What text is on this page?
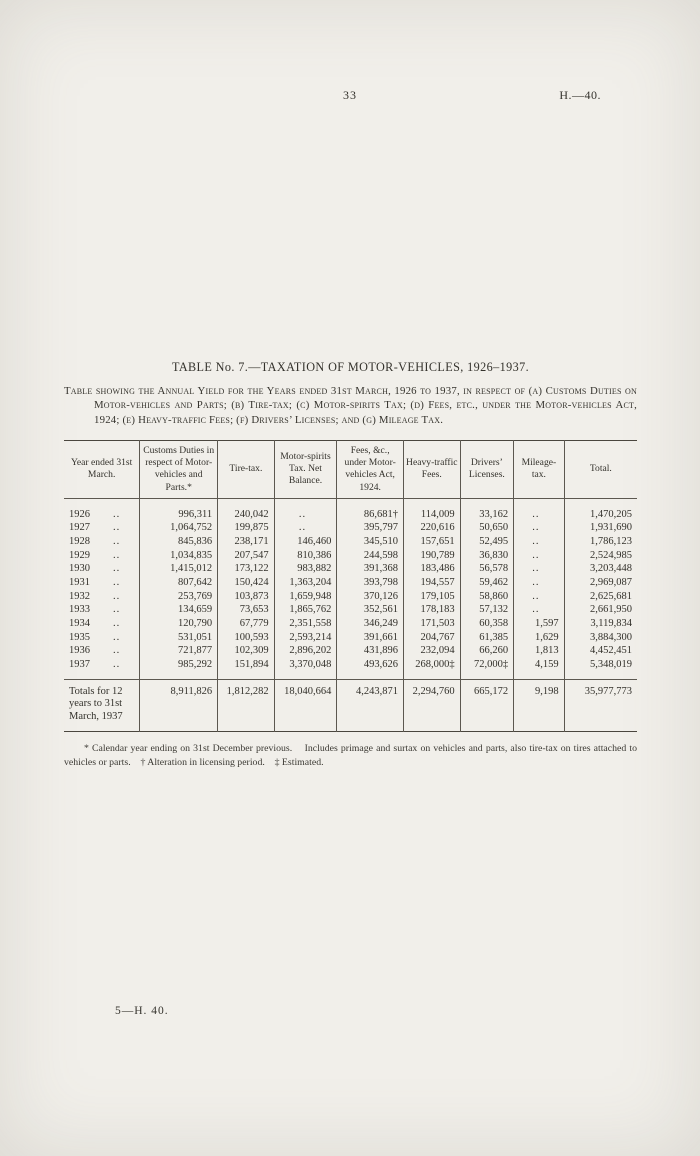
33	H.—40.
TABLE No. 7.—TAXATION OF MOTOR-VEHICLES, 1926–1937.

Table showing the Annual Yield for the Years ended 31st March, 1926 to 1937, in respect of (a) Customs Duties on Motor-vehicles and Parts; (b) Tire-tax; (c) Motor-spirits Tax; (d) Fees, etc., under the Motor-vehicles Act, 1924; (e) Heavy-traffic Fees; (f) Drivers’ Licenses; and (g) Mileage Tax.

Year ended 31st March.	Customs Duties in respect of Motor-vehicles and Parts.*	Tire-tax.	Motor-spirits Tax. Net Balance.	Fees, &c., under Motor-vehicles Act, 1924.	Heavy-traffic Fees.	Drivers’ Licenses.	Mileage-tax.	Total.
1926 ..	996,311	240,042	..	86,681†	114,009	33,162	..	1,470,205
1927 ..	1,064,752	199,875	..	395,797	220,616	50,650	..	1,931,690
1928 ..	845,836	238,171	146,460	345,510	157,651	52,495	..	1,786,123
1929 ..	1,034,835	207,547	810,386	244,598	190,789	36,830	..	2,524,985
1930 ..	1,415,012	173,122	983,882	391,368	183,486	56,578	..	3,203,448
1931 ..	807,642	150,424	1,363,204	393,798	194,557	59,462	..	2,969,087
1932 ..	253,769	103,873	1,659,948	370,126	179,105	58,860	..	2,625,681
1933 ..	134,659	73,653	1,865,762	352,561	178,183	57,132	..	2,661,950
1934 ..	120,790	67,779	2,351,558	346,249	171,503	60,358	1,597	3,119,834
1935 ..	531,051	100,593	2,593,214	391,661	204,767	61,385	1,629	3,884,300
1936 ..	721,877	102,309	2,896,202	431,896	232,094	66,260	1,813	4,452,451
1937 ..	985,292	151,894	3,370,048	493,626	268,000‡	72,000‡	4,159	5,348,019
Totals for 12 years to 31st March, 1937	8,911,826	1,812,282	18,040,664	4,243,871	2,294,760	665,172	9,198	35,977,773

* Calendar year ending on 31st December previous.    Includes primage and surtax on vehicles and parts, also tire-tax on tires attached to vehicles or parts.    † Alteration in licensing period.    ‡ Estimated.

5—H. 40.
